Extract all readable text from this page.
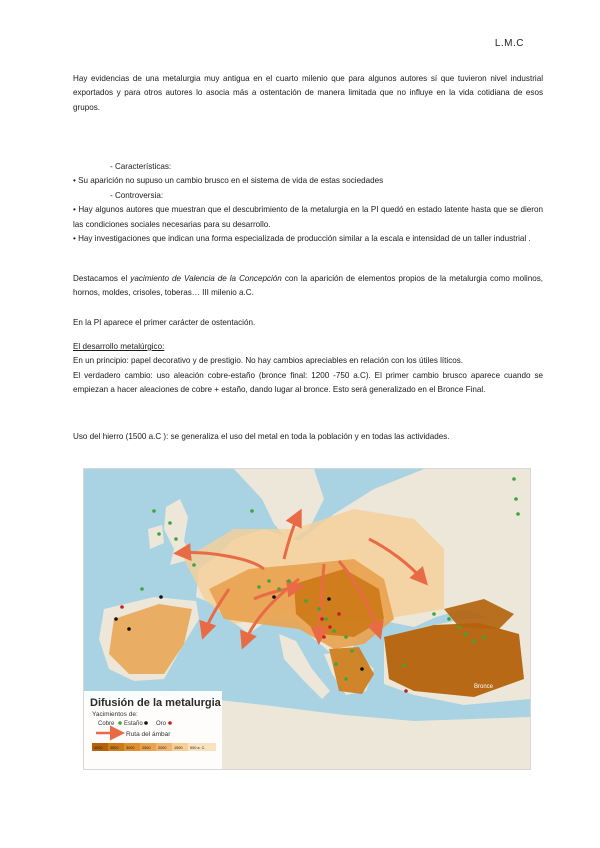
L.M.C

Hay evidencias de una metalurgia muy antigua en el cuarto milenio que para algunos autores sí que tuvieron nivel industrial exportados y para otros autores lo asocia más a ostentación de manera limitada que no influye en la vida cotidiana de esos grupos.

- Características:

• Su aparición no supuso un cambio brusco en el sistema de vida de estas sociedades

- Controversia:

• Hay algunos autores que muestran que el descubrimiento de la metalurgia en la PI quedó en estado latente hasta que se dieron las condiciones sociales necesarias para su desarrollo.

• Hay investigaciones que indican una forma especializada de producción similar a la escala e intensidad de un taller industrial .

Destacamos el yacimiento de Valencia de la Concepción con la aparición de elementos propios de la metalurgia como molinos, hornos, moldes, crisoles, toberas… III milenio a.C.

En la PI aparece el primer carácter de ostentación.

El desarrollo metalúrgico:

En un principio: papel decorativo y de prestigio. No hay cambios apreciables en relación con los útiles líticos.

El verdadero cambio: uso aleación cobre-estaño (bronce final: 1200 -750 a.C). El primer cambio brusco aparece cuando se empiezan a hacer aleaciones de cobre + estaño, dando lugar al bronce. Esto será generalizado en el Bronce Final.

Uso del hierro (1500 a.C ): se generaliza el uso del metal en toda la población y en todas las actividades.

Bronce
Difusión de la metalurgia
Yacimientos de:
Cobre Estaño Oro
Ruta del ámbar
4000 3500 3000 2500 2000 1500 500 a. C.
